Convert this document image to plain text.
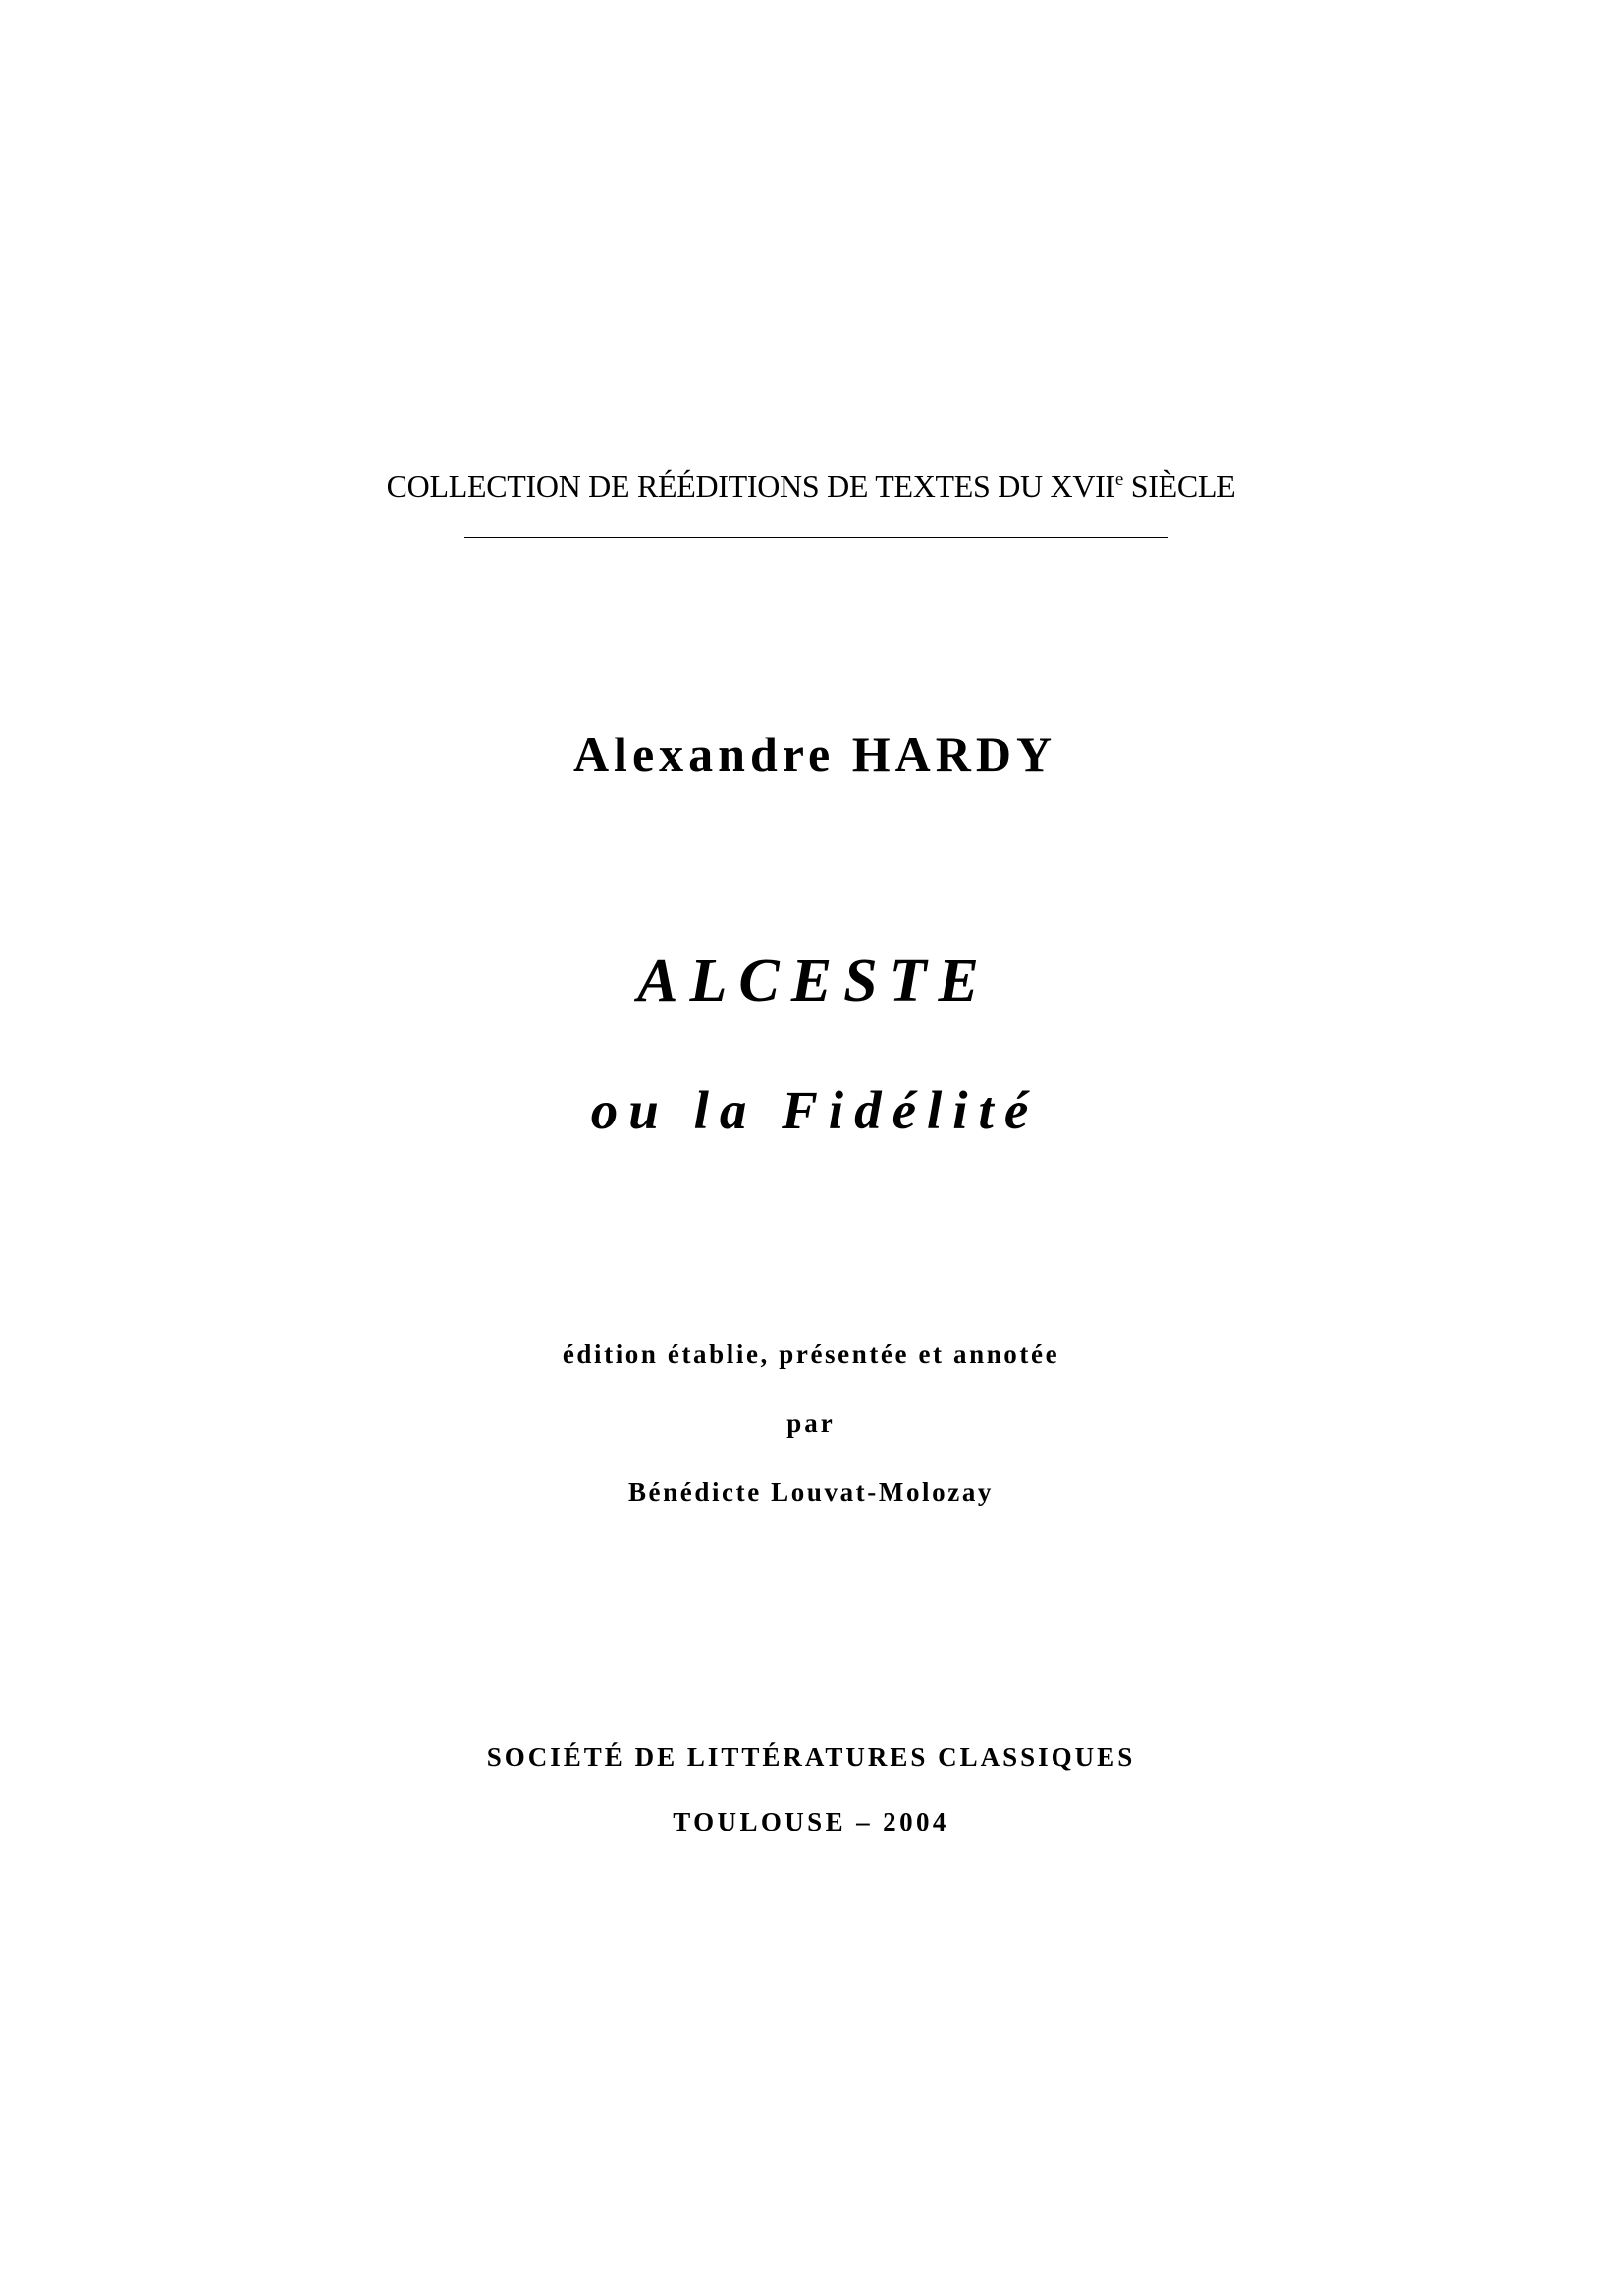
COLLECTION DE RÉÉDITIONS DE TEXTES DU XVIIe SIÈCLE
Alexandre HARDY
ALCESTE
ou la Fidélité
édition établie, présentée et annotée
par
Bénédicte Louvat-Molozay
SOCIÉTÉ DE LITTÉRATURES CLASSIQUES
TOULOUSE – 2004
